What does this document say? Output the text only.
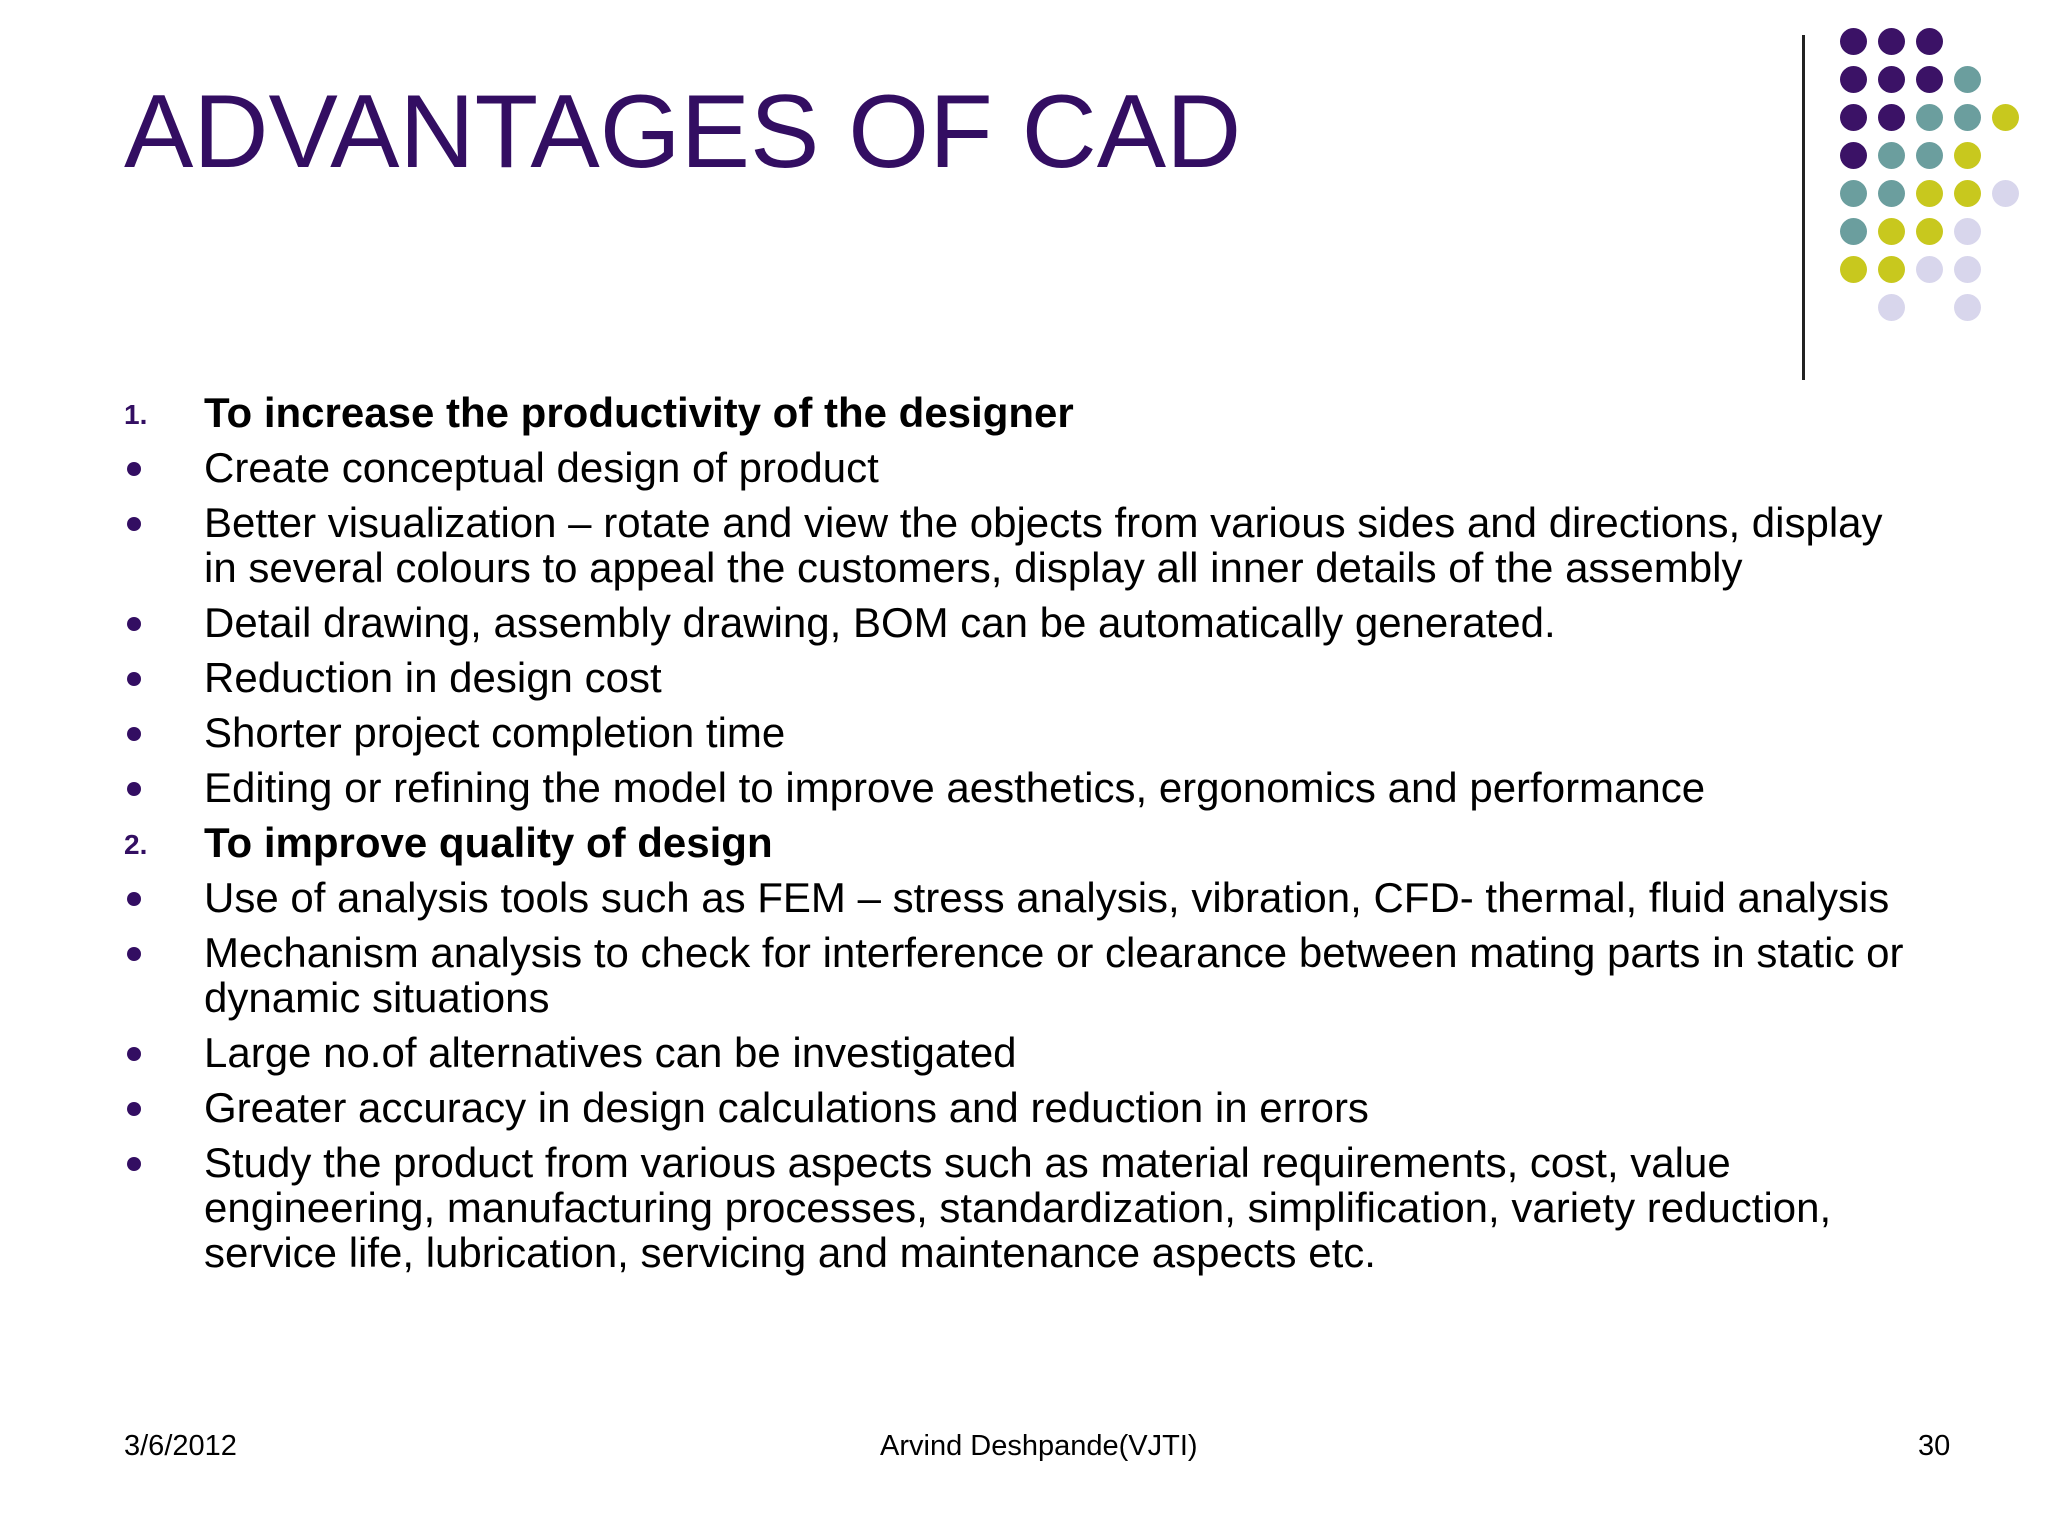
ADVANTAGES OF CAD
1. To increase the productivity of the designer
Create conceptual design of product
Better visualization – rotate and view the objects from various sides and directions, display in several colours to appeal the customers, display all inner details of the assembly
Detail drawing, assembly drawing, BOM can be automatically generated.
Reduction in design cost
Shorter project completion time
Editing or refining the model to improve aesthetics, ergonomics and performance
2. To improve quality of design
Use of analysis tools such as FEM – stress analysis, vibration, CFD- thermal, fluid analysis
Mechanism analysis to check for interference or clearance between mating parts in static or dynamic situations
Large no.of alternatives can be investigated
Greater accuracy in design calculations and reduction in errors
Study the product from various aspects such as material requirements, cost, value engineering, manufacturing processes, standardization, simplification, variety reduction, service life, lubrication, servicing and maintenance aspects etc.
3/6/2012	Arvind Deshpande(VJTI)	30
